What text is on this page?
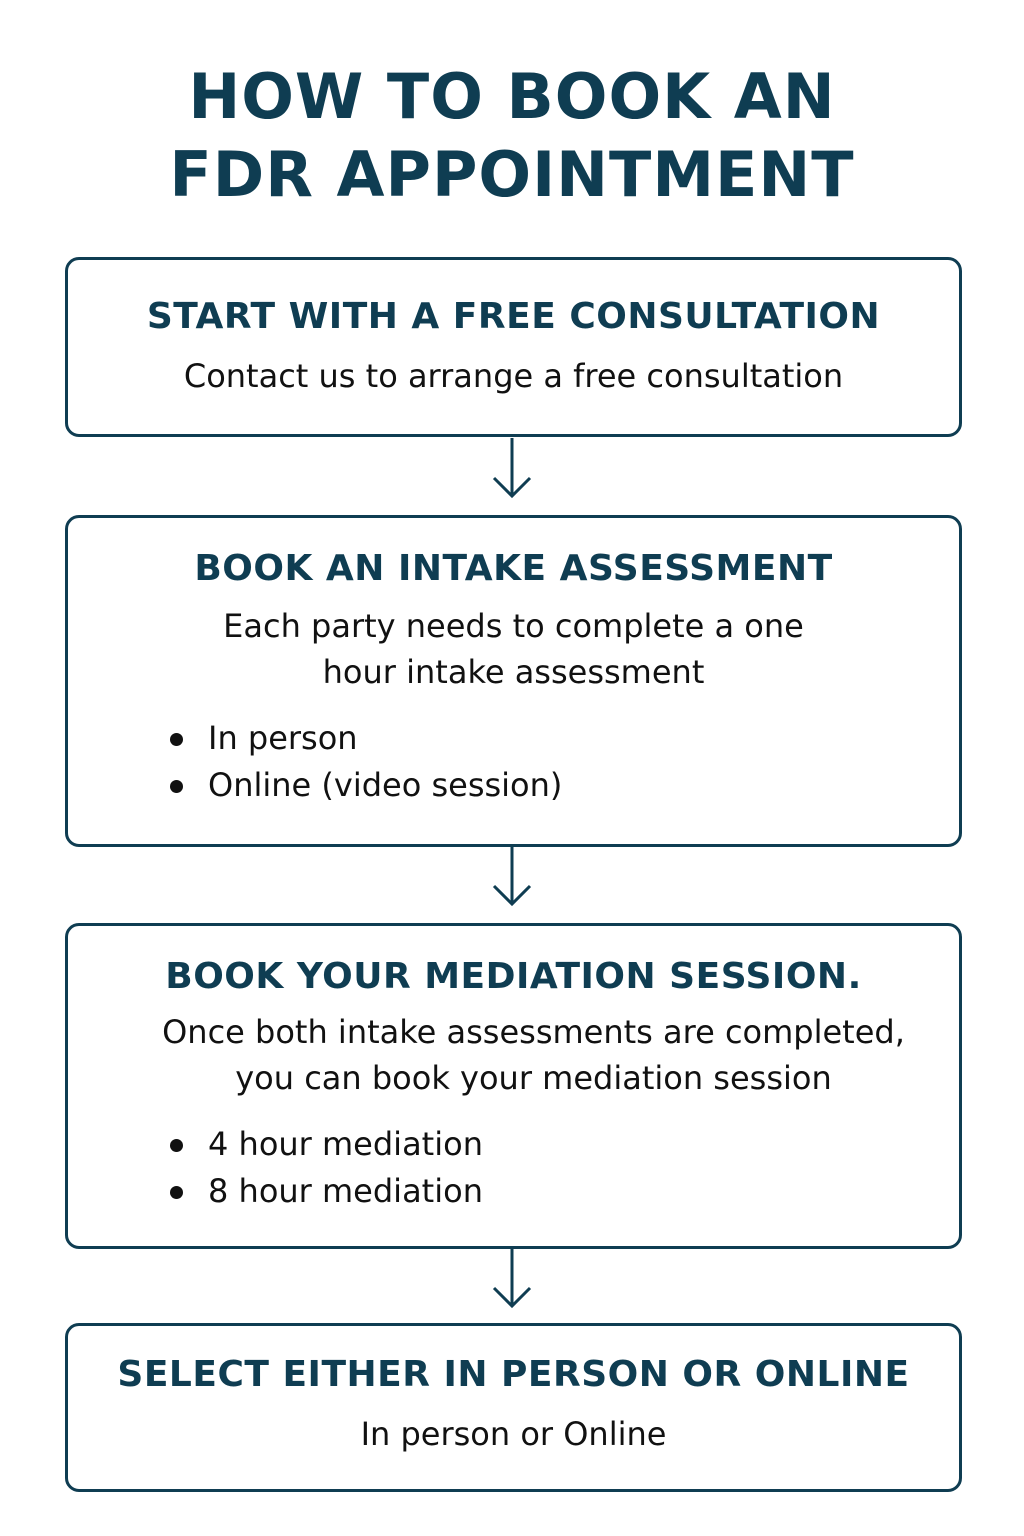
HOW TO BOOK AN
FDR APPOINTMENT
START WITH A FREE CONSULTATION
Contact us to arrange a free consultation
BOOK AN INTAKE ASSESSMENT
Each party needs to complete a one
hour intake assessment
In person
Online (video session)
BOOK YOUR MEDIATION SESSION.
Once both intake assessments are completed,
you can book your mediation session
4 hour mediation
8 hour mediation
SELECT EITHER IN PERSON OR ONLINE
In person or Online
